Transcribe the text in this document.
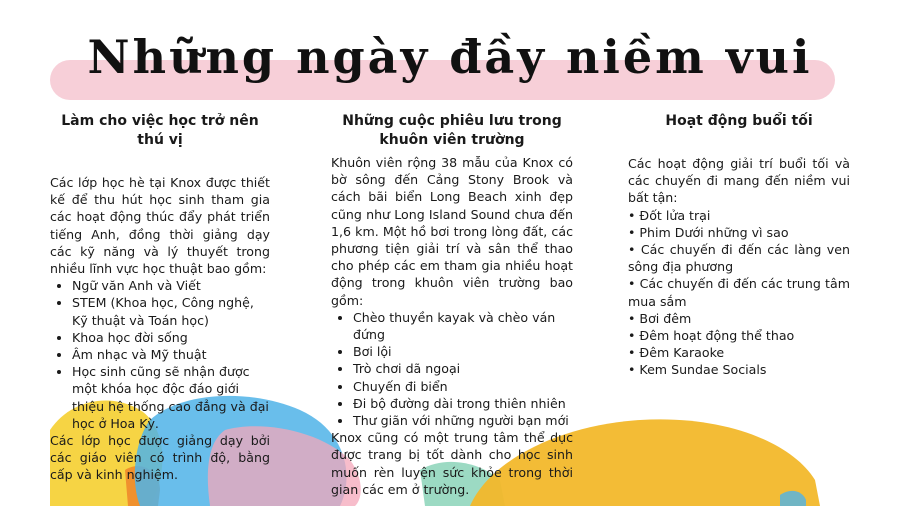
Những ngày đầy niềm vui
Làm cho việc học trở nên thú vị

Các lớp học hè tại Knox được thiết kế để thu hút học sinh tham gia các hoạt động thúc đẩy phát triển tiếng Anh, đồng thời giảng dạy các kỹ năng và lý thuyết trong nhiều lĩnh vực học thuật bao gồm:

• Ngữ văn Anh và Viết
• STEM (Khoa học, Công nghệ, Kỹ thuật và Toán học)
• Khoa học đời sống
• Âm nhạc và Mỹ thuật
• Học sinh cũng sẽ nhận được một khóa học độc đáo giới thiệu hệ thống cao đẳng và đại học ở Hoa Kỳ.

Các lớp học được giảng dạy bởi các giáo viên có trình độ, bằng cấp và kinh nghiệm.

Những cuộc phiêu lưu trong khuôn viên trường

Khuôn viên rộng 38 mẫu của Knox có bờ sông đến Cảng Stony Brook và cách bãi biển Long Beach xinh đẹp cũng như Long Island Sound chưa đến 1,6 km. Một hồ bơi trong lòng đất, các phương tiện giải trí và sân thể thao cho phép các em tham gia nhiều hoạt động trong khuôn viên trường bao gồm:

• Chèo thuyền kayak và chèo ván đứng
• Bơi lội
• Trò chơi dã ngoại
• Chuyến đi biển
• Đi bộ đường dài trong thiên nhiên
• Thư giãn với những người bạn mới

Knox cũng có một trung tâm thể dục được trang bị tốt dành cho học sinh muốn rèn luyện sức khỏe trong thời gian các em ở trường.

Hoạt động buổi tối

Các hoạt động giải trí buổi tối và các chuyến đi mang đến niềm vui bất tận:

• Đốt lửa trại

• Phim Dưới những vì sao

• Các chuyến đi đến các làng ven sông địa phương

• Các chuyến đi đến các trung tâm mua sắm

• Bơi đêm

• Đêm hoạt động thể thao

• Đêm Karaoke

• Kem Sundae Socials
